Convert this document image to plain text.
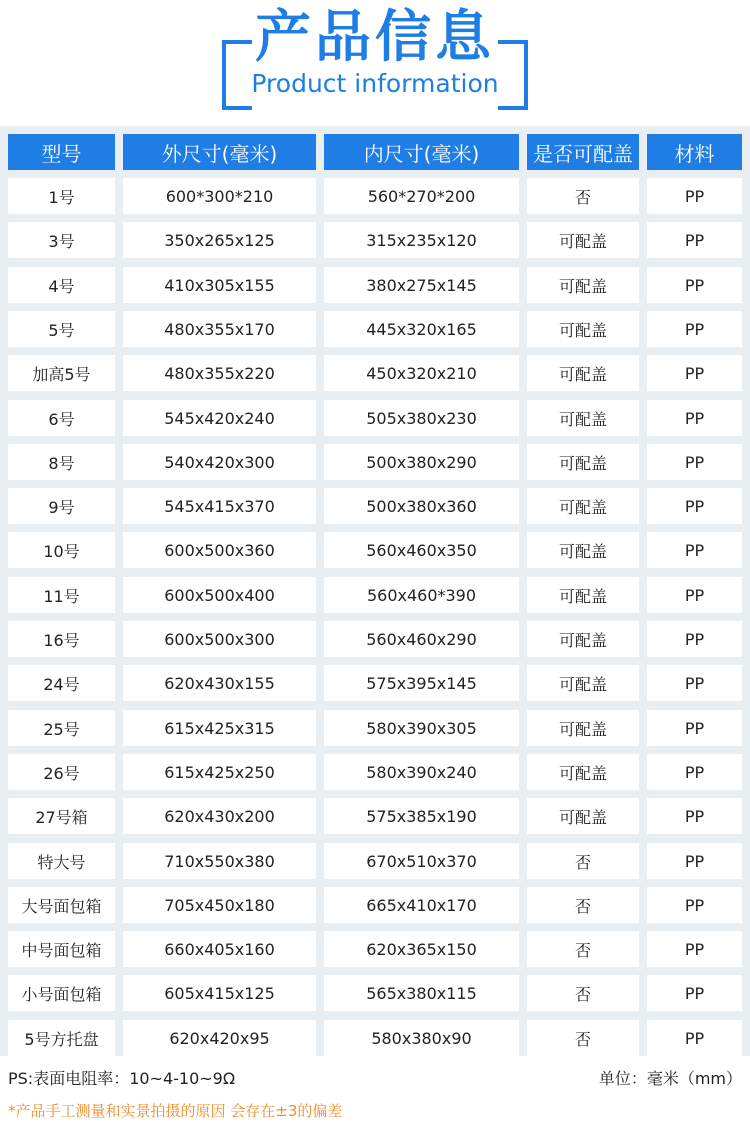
产品信息
Product information
型号	外尺寸(毫米)	内尺寸(毫米)	是否可配盖	材料
1号	600*300*210	560*270*200	否	PP
3号	350x265x125	315x235x120	可配盖	PP
4号	410x305x155	380x275x145	可配盖	PP
5号	480x355x170	445x320x165	可配盖	PP
加高5号	480x355x220	450x320x210	可配盖	PP
6号	545x420x240	505x380x230	可配盖	PP
8号	540x420x300	500x380x290	可配盖	PP
9号	545x415x370	500x380x360	可配盖	PP
10号	600x500x360	560x460x350	可配盖	PP
11号	600x500x400	560x460*390	可配盖	PP
16号	600x500x300	560x460x290	可配盖	PP
24号	620x430x155	575x395x145	可配盖	PP
25号	615x425x315	580x390x305	可配盖	PP
26号	615x425x250	580x390x240	可配盖	PP
27号箱	620x430x200	575x385x190	可配盖	PP
特大号	710x550x380	670x510x370	否	PP
大号面包箱	705x450x180	665x410x170	否	PP
中号面包箱	660x405x160	620x365x150	否	PP
小号面包箱	605x415x125	565x380x115	否	PP
5号方托盘	620x420x95	580x380x90	否	PP
PS:表面电阻率：10~4-10~9Ω	单位：毫米（mm）
*产品手工测量和实景拍摄的原因 会存在±3的偏差
